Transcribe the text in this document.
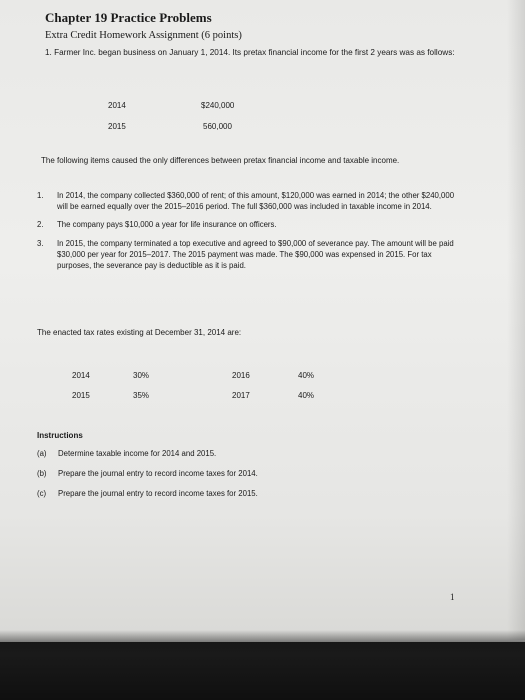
Chapter 19 Practice Problems
Extra Credit Homework Assignment (6 points)
1. Farmer Inc. began business on January 1, 2014. Its pretax financial income for the first 2 years was as follows:
2014	$240,000
2015	560,000
The following items caused the only differences between pretax financial income and taxable income.
1. In 2014, the company collected $360,000 of rent; of this amount, $120,000 was earned in 2014; the other $240,000 will be earned equally over the 2015–2016 period. The full $360,000 was included in taxable income in 2014.
2. The company pays $10,000 a year for life insurance on officers.
3. In 2015, the company terminated a top executive and agreed to $90,000 of severance pay. The amount will be paid $30,000 per year for 2015–2017. The 2015 payment was made. The $90,000 was expensed in 2015. For tax purposes, the severance pay is deductible as it is paid.
The enacted tax rates existing at December 31, 2014 are:
2014	30%	2016	40%
2015	35%	2017	40%
Instructions
(a) Determine taxable income for 2014 and 2015.
(b) Prepare the journal entry to record income taxes for 2014.
(c) Prepare the journal entry to record income taxes for 2015.
1
